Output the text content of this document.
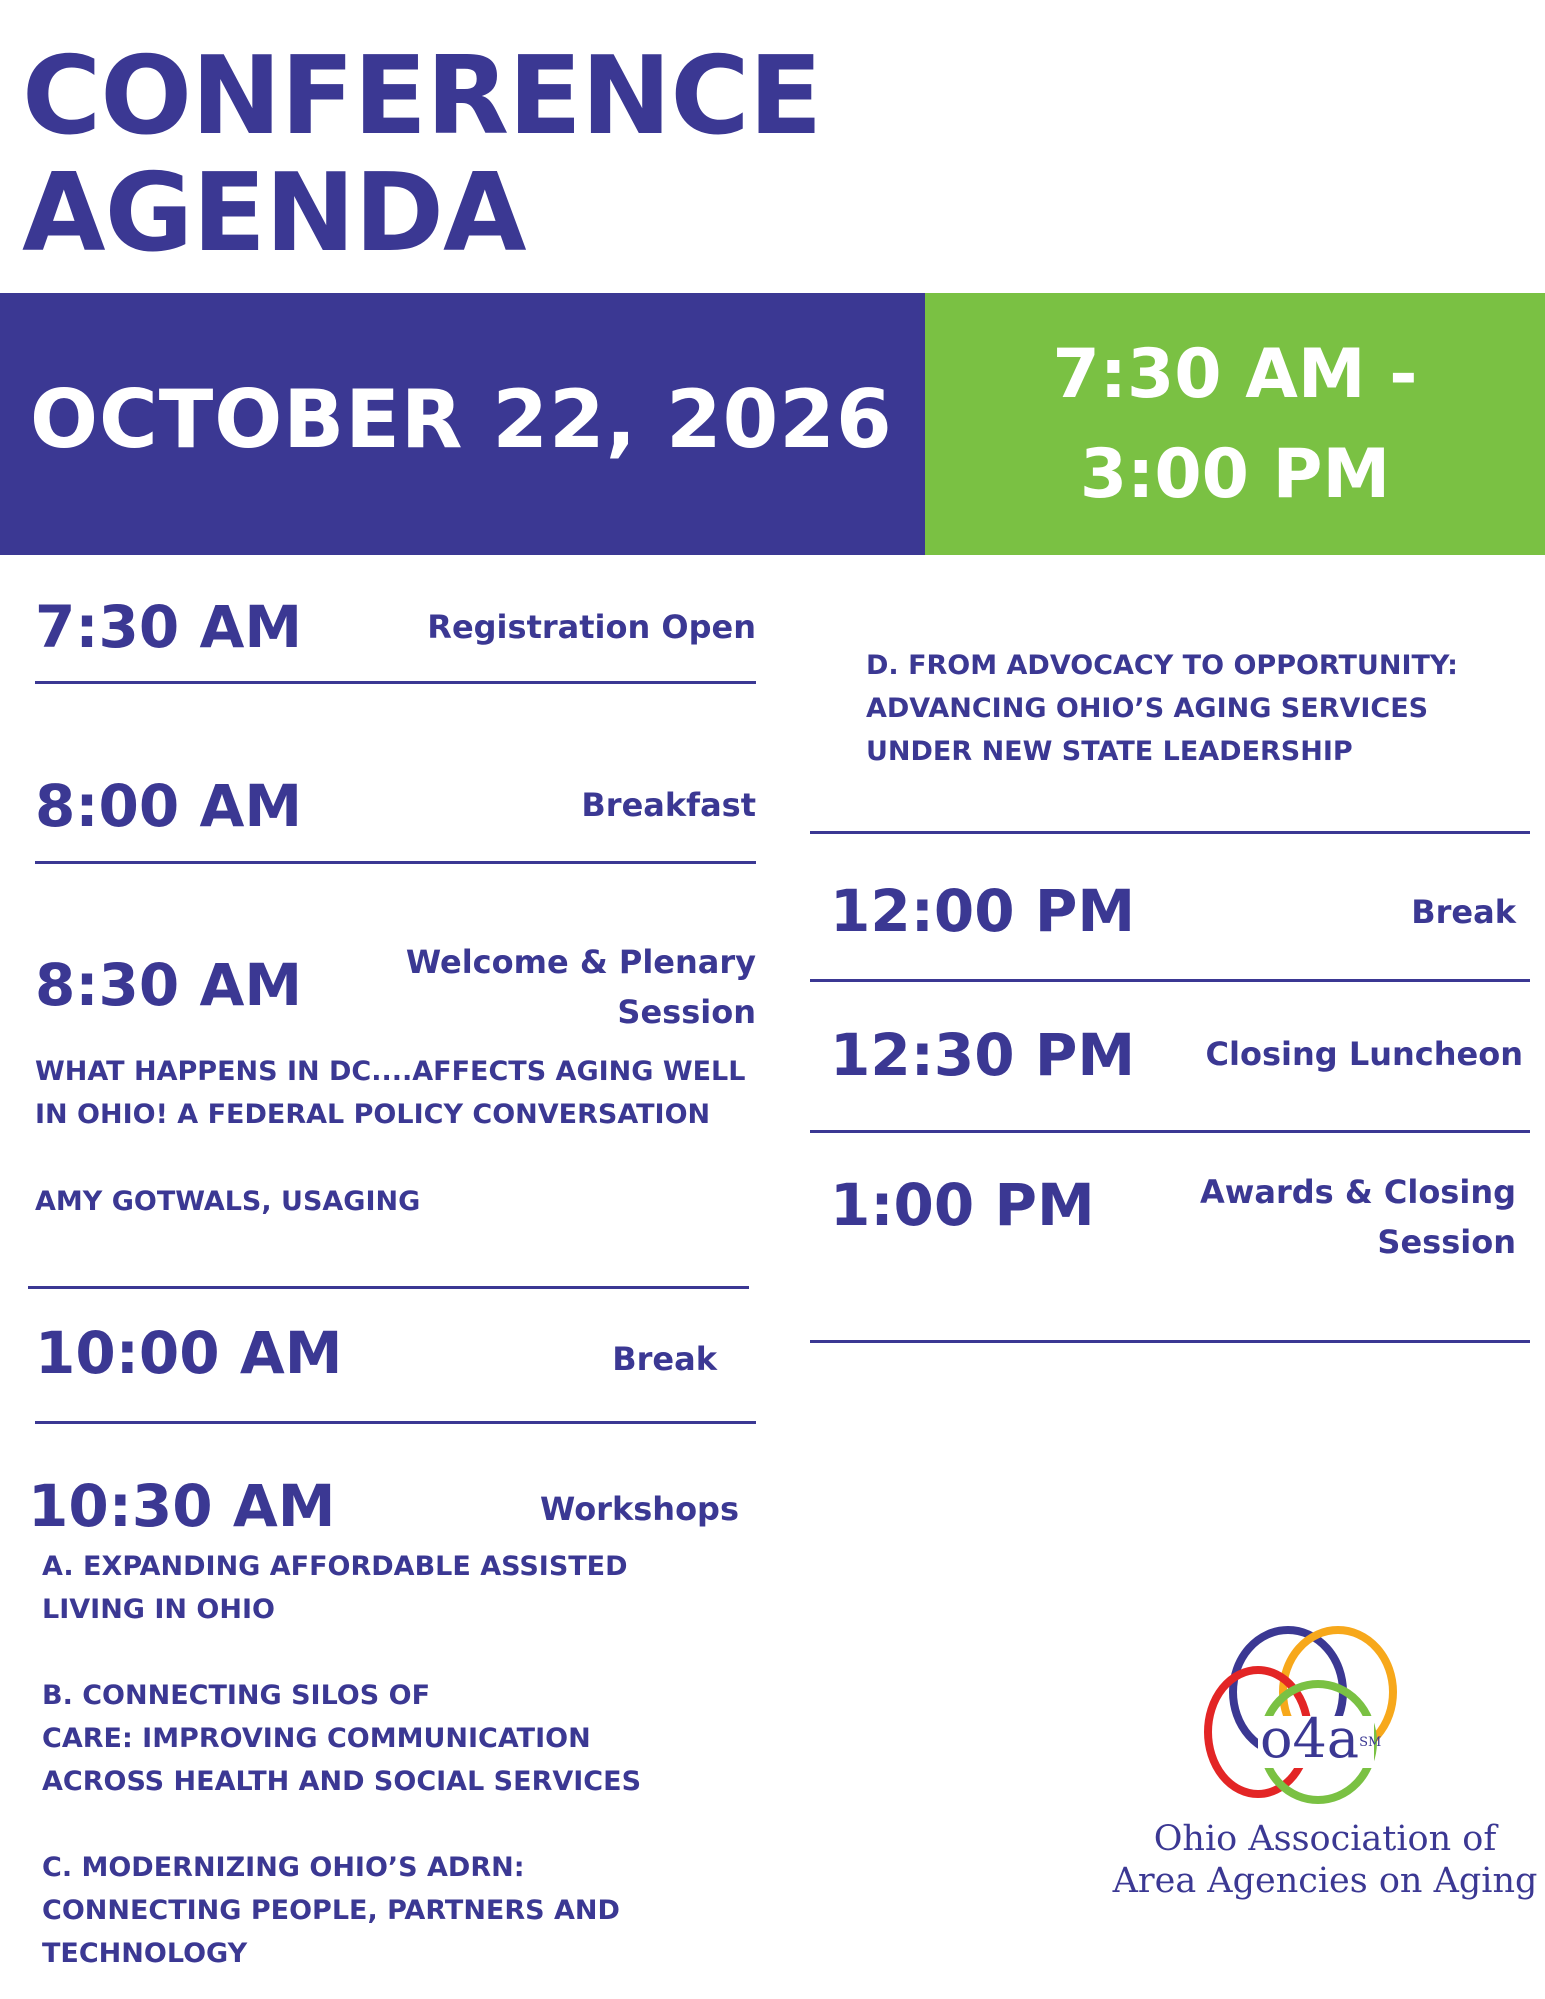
CONFERENCE
AGENDA
OCTOBER 22, 2026	7:30 AM -
3:00 PM
7:30 AM	Registration Open
8:00 AM	Breakfast
8:30 AM	Welcome & Plenary
Session
WHAT HAPPENS IN DC....AFFECTS AGING WELL
IN OHIO! A FEDERAL POLICY CONVERSATION
AMY GOTWALS, USAGING
10:00 AM	Break
10:30 AM	Workshops
A. EXPANDING AFFORDABLE ASSISTED
LIVING IN OHIO
B. CONNECTING SILOS OF
CARE: IMPROVING COMMUNICATION
ACROSS HEALTH AND SOCIAL SERVICES
C. MODERNIZING OHIO’S ADRN:
CONNECTING PEOPLE, PARTNERS AND
TECHNOLOGY
D. FROM ADVOCACY TO OPPORTUNITY:
ADVANCING OHIO’S AGING SERVICES
UNDER NEW STATE LEADERSHIP
12:00 PM	Break
12:30 PM	Closing Luncheon
1:00 PM	Awards & Closing
Session
o4aSM
Ohio Association of
Area Agencies on Aging
